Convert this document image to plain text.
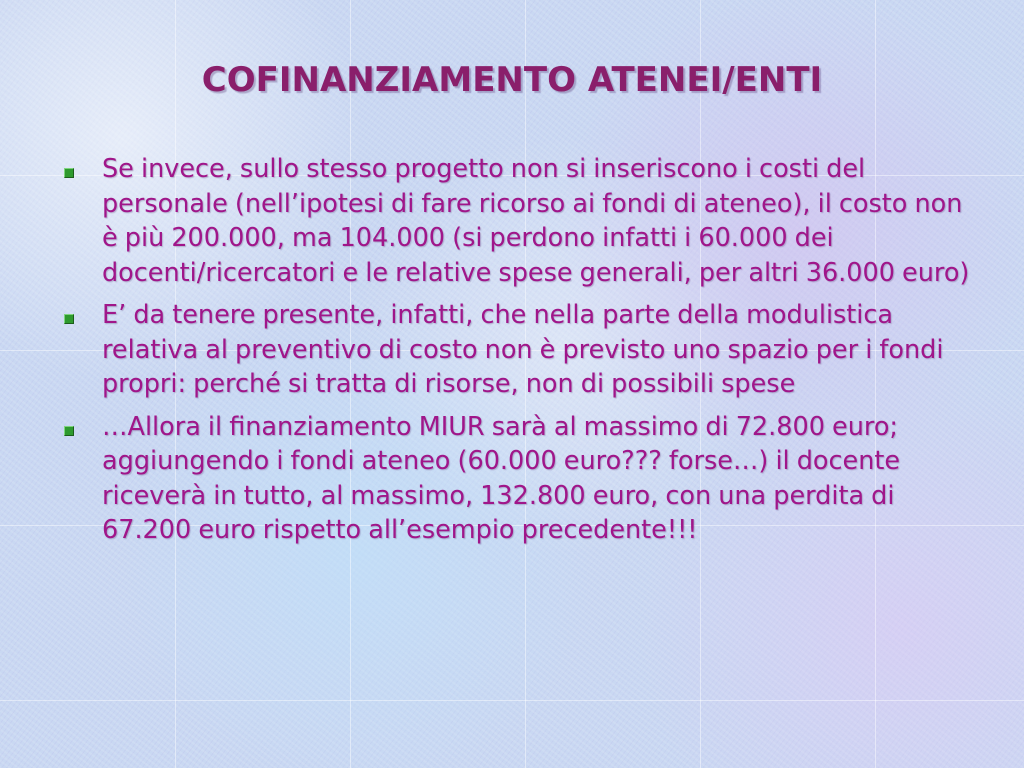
COFINANZIAMENTO ATENEI/ENTI
Se invece, sullo stesso progetto non si inseriscono i costi del personale (nell’ipotesi di fare ricorso ai fondi di ateneo), il costo non è più 200.000, ma 104.000 (si perdono infatti i 60.000 dei docenti/ricercatori e le relative spese generali, per altri 36.000 euro)
E’ da tenere presente, infatti, che nella parte della modulistica relativa al preventivo di costo non è previsto uno spazio per i fondi propri: perché si tratta di risorse, non di possibili spese
…Allora il finanziamento MIUR sarà al massimo di 72.800 euro; aggiungendo i fondi ateneo (60.000 euro??? forse…) il docente riceverà in tutto, al massimo, 132.800 euro, con una perdita di 67.200 euro rispetto all’esempio precedente!!!
